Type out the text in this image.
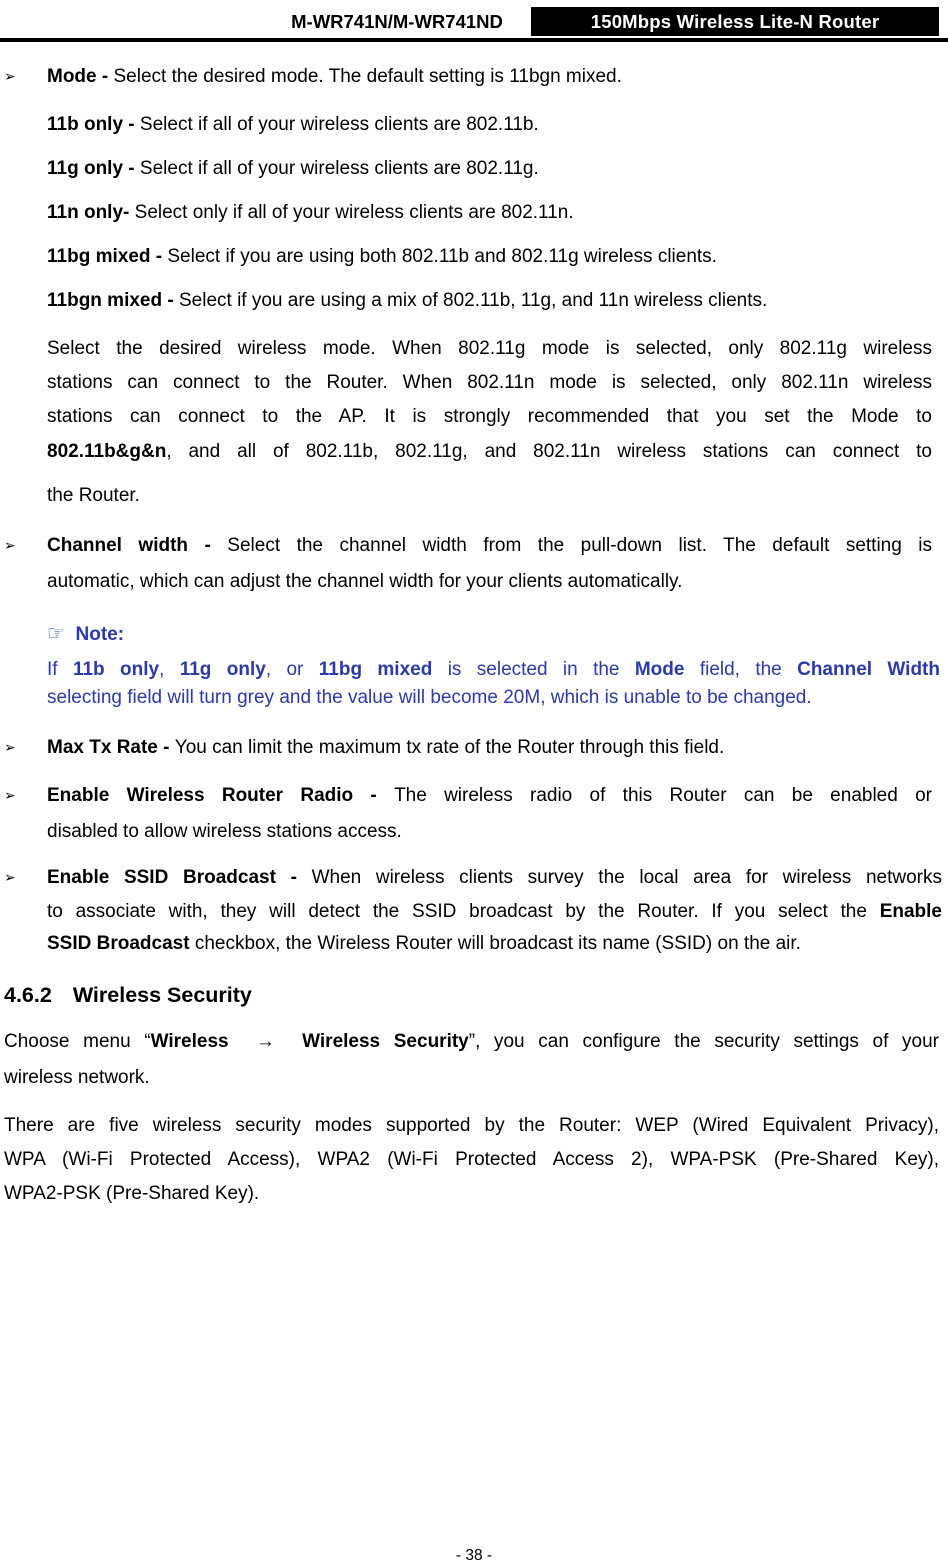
M-WR741N/M-WR741ND	150Mbps Wireless Lite-N Router
➢ Mode - Select the desired mode. The default setting is 11bgn mixed.
11b only - Select if all of your wireless clients are 802.11b.
11g only - Select if all of your wireless clients are 802.11g.
11n only- Select only if all of your wireless clients are 802.11n.
11bg mixed - Select if you are using both 802.11b and 802.11g wireless clients.
11bgn mixed - Select if you are using a mix of 802.11b, 11g, and 11n wireless clients.
Select the desired wireless mode. When 802.11g mode is selected, only 802.11g wireless
stations can connect to the Router. When 802.11n mode is selected, only 802.11n wireless
stations can connect to the AP. It is strongly recommended that you set the Mode to
802.11b&g&n, and all of 802.11b, 802.11g, and 802.11n wireless stations can connect to
the Router.
➢ Channel width - Select the channel width from the pull-down list. The default setting is
automatic, which can adjust the channel width for your clients automatically.
☞ Note:
If 11b only, 11g only, or 11bg mixed is selected in the Mode field, the Channel Width
selecting field will turn grey and the value will become 20M, which is unable to be changed.
➢ Max Tx Rate - You can limit the maximum tx rate of the Router through this field.
➢ Enable Wireless Router Radio - The wireless radio of this Router can be enabled or
disabled to allow wireless stations access.
➢ Enable SSID Broadcast - When wireless clients survey the local area for wireless networks
to associate with, they will detect the SSID broadcast by the Router. If you select the Enable
SSID Broadcast checkbox, the Wireless Router will broadcast its name (SSID) on the air.
4.6.2 Wireless Security
Choose menu “Wireless → Wireless Security”, you can configure the security settings of your
wireless network.
There are five wireless security modes supported by the Router: WEP (Wired Equivalent Privacy),
WPA (Wi-Fi Protected Access), WPA2 (Wi-Fi Protected Access 2), WPA-PSK (Pre-Shared Key),
WPA2-PSK (Pre-Shared Key).
- 38 -
